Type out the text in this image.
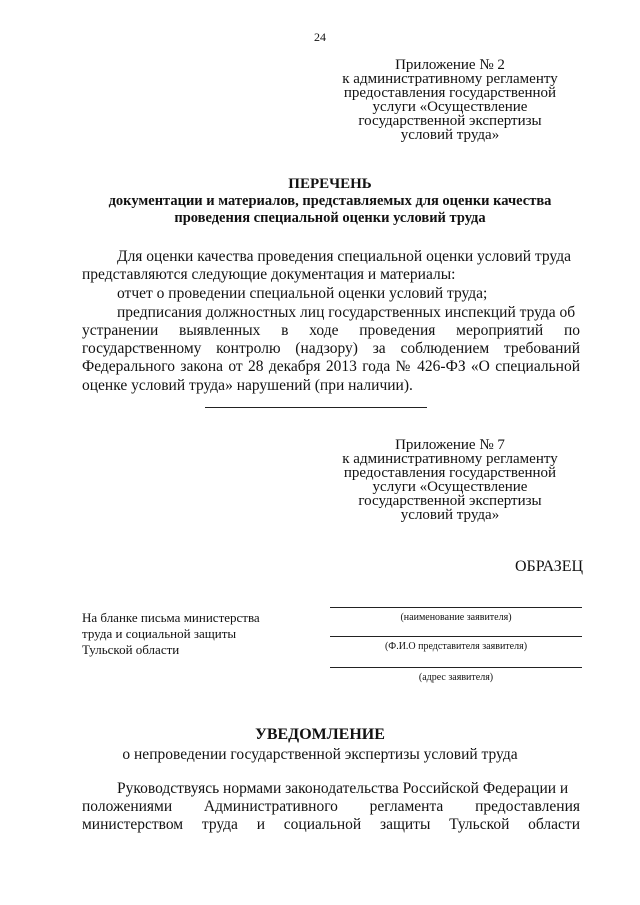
24
Приложение № 2
к административному регламенту
предоставления государственной
услуги «Осуществление
государственной экспертизы
условий труда»
ПЕРЕЧЕНЬ
документации и материалов, представляемых для оценки качества
проведения специальной оценки условий труда
Для оценки качества проведения специальной оценки условий труда
представляются следующие документация и материалы:
отчет о проведении специальной оценки условий труда;
предписания должностных лиц государственных инспекций труда об
устранении выявленных в ходе проведения мероприятий по
государственному контролю (надзору) за соблюдением требований
Федерального закона от 28 декабря 2013 года № 426-ФЗ «О специальной
оценке условий труда» нарушений (при наличии).
Приложение № 7
к административному регламенту
предоставления государственной
услуги «Осуществление
государственной экспертизы
условий труда»
ОБРАЗЕЦ
На бланке письма министерства
труда и социальной защиты
Тульской области
(наименование заявителя)
(Ф.И.О представителя заявителя)
(адрес заявителя)
УВЕДОМЛЕНИЕ
о непроведении государственной экспертизы условий труда
Руководствуясь нормами законодательства Российской Федерации и
положениями Административного регламента предоставления
министерством труда и социальной защиты Тульской области
